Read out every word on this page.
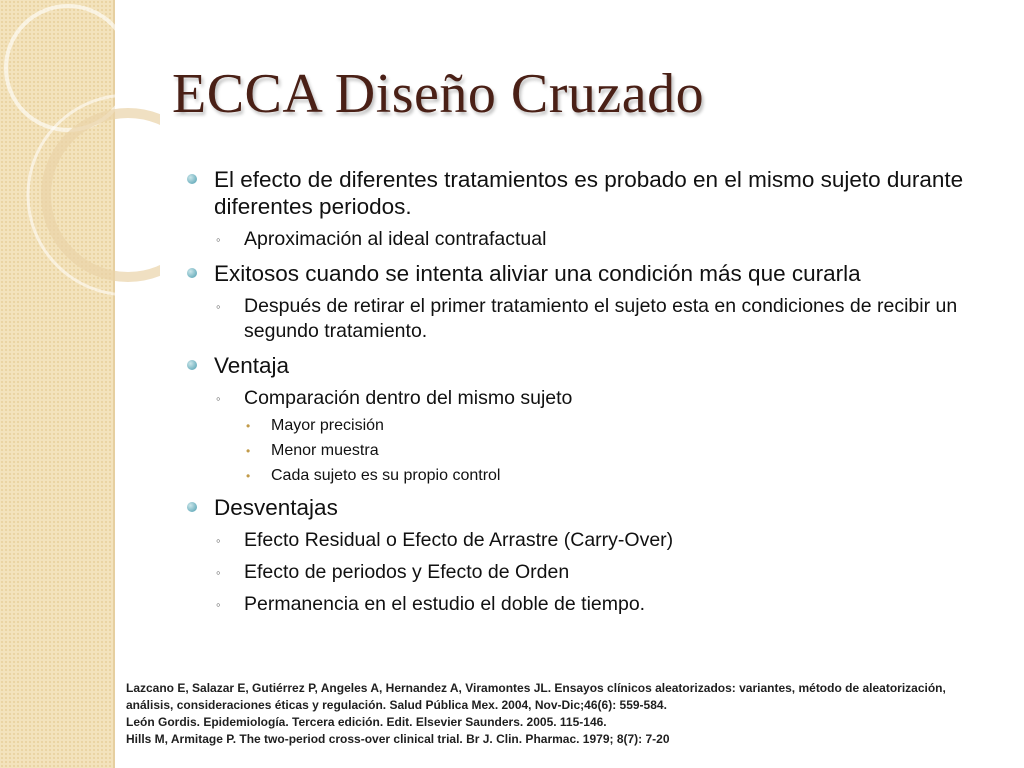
ECCA Diseño Cruzado
El efecto de diferentes tratamientos es probado en el mismo sujeto durante diferentes periodos.
◦ Aproximación al ideal contrafactual
Exitosos cuando se intenta aliviar una condición más que curarla
◦ Después de retirar el primer tratamiento el sujeto esta en condiciones de recibir un segundo tratamiento.
Ventaja
◦ Comparación dentro del mismo sujeto
• Mayor precisión
• Menor muestra
• Cada sujeto es su propio control
Desventajas
◦ Efecto Residual o Efecto de Arrastre (Carry-Over)
◦ Efecto de periodos y Efecto de Orden
◦ Permanencia en el estudio el doble de tiempo.
Lazcano E, Salazar E, Gutiérrez P, Angeles A, Hernandez A, Viramontes JL. Ensayos clínicos aleatorizados: variantes, método de aleatorización, análisis, consideraciones éticas y regulación. Salud Pública Mex. 2004, Nov-Dic;46(6): 559-584.
León Gordis. Epidemiología. Tercera edición. Edit. Elsevier Saunders. 2005. 115-146.
Hills M, Armitage P. The two-period cross-over clinical trial. Br J. Clin. Pharmac. 1979; 8(7): 7-20
